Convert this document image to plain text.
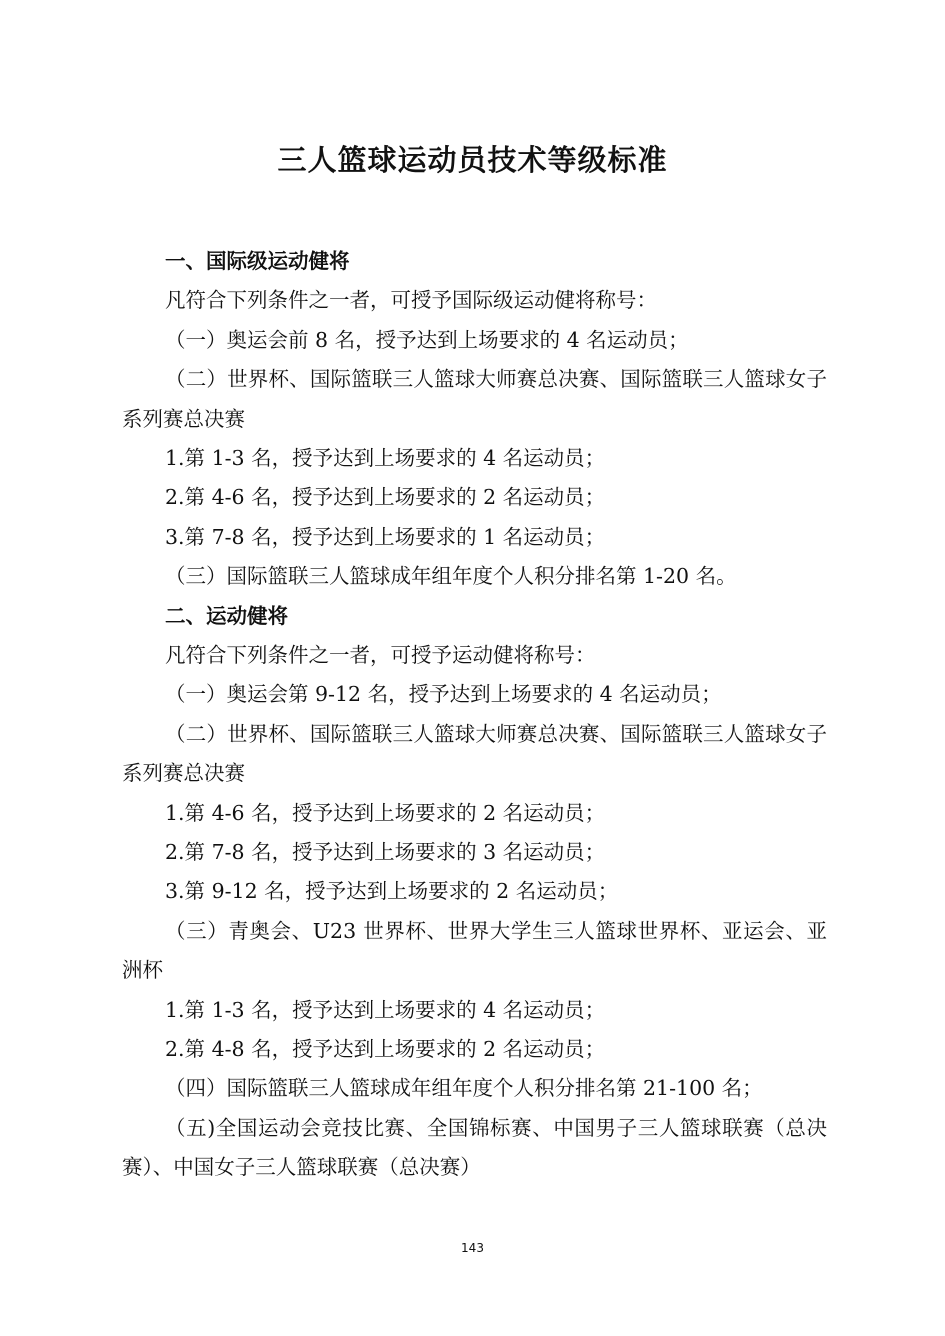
三人篮球运动员技术等级标准
一、国际级运动健将
凡符合下列条件之一者，可授予国际级运动健将称号：
（一）奥运会前 8 名，授予达到上场要求的 4 名运动员；
（二）世界杯、国际篮联三人篮球大师赛总决赛、国际篮联三人篮球女子系列赛总决赛
1.第 1-3 名，授予达到上场要求的 4 名运动员；
2.第 4-6 名，授予达到上场要求的 2 名运动员；
3.第 7-8 名，授予达到上场要求的 1 名运动员；
（三）国际篮联三人篮球成年组年度个人积分排名第 1-20 名。
二、运动健将
凡符合下列条件之一者，可授予运动健将称号：
（一）奥运会第 9-12 名，授予达到上场要求的 4 名运动员；
（二）世界杯、国际篮联三人篮球大师赛总决赛、国际篮联三人篮球女子系列赛总决赛
1.第 4-6 名，授予达到上场要求的 2 名运动员；
2.第 7-8 名，授予达到上场要求的 3 名运动员；
3.第 9-12 名，授予达到上场要求的 2 名运动员；
（三）青奥会、U23 世界杯、世界大学生三人篮球世界杯、亚运会、亚洲杯
1.第 1-3 名，授予达到上场要求的 4 名运动员；
2.第 4-8 名，授予达到上场要求的 2 名运动员；
（四）国际篮联三人篮球成年组年度个人积分排名第 21-100 名；
（五)全国运动会竞技比赛、全国锦标赛、中国男子三人篮球联赛（总决赛）、中国女子三人篮球联赛（总决赛）
143
